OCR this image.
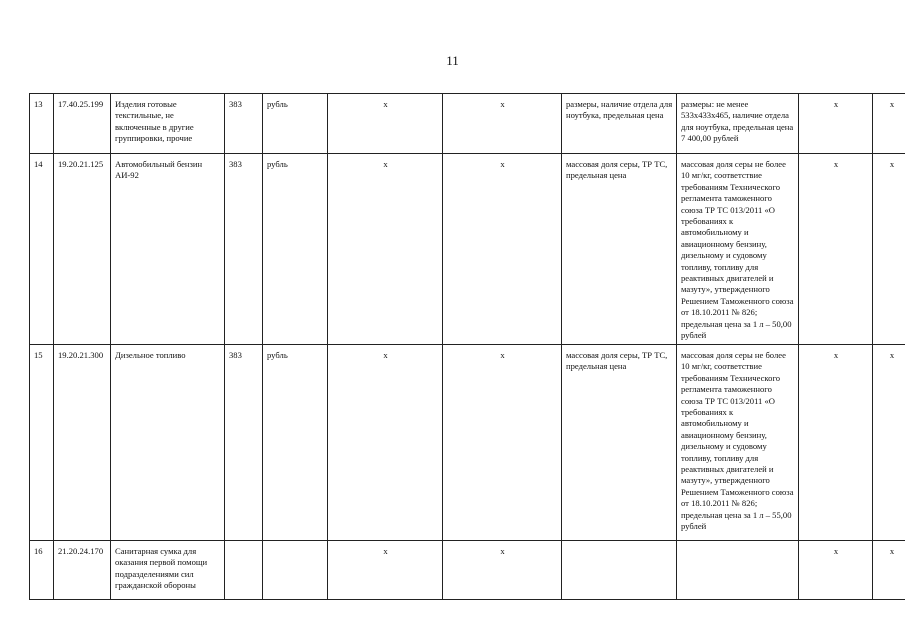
11
13	17.40.25.199	Изделия готовые текстильные, не включенные в другие группировки, прочие	383	рубль	x	x	размеры, наличие отдела для ноутбука, предельная цена	размеры: не менее 533x433x465, наличие отдела для ноутбука, предельная цена 7 400,00 рублей	x	x
14	19.20.21.125	Автомобильный бензин АИ-92	383	рубль	x	x	массовая доля серы, ТР ТС, предельная цена	массовая доля серы не более 10 мг/кг, соответствие требованиям Технического регламента таможенного союза ТР ТС 013/2011 «О требованиях к автомобильному и авиационному бензину, дизельному и судовому топливу, топливу для реактивных двигателей и мазуту», утвержденного Решением Таможенного союза от 18.10.2011 № 826; предельная цена за 1 л – 50,00 рублей	x	x
15	19.20.21.300	Дизельное топливо	383	рубль	x	x	массовая доля серы, ТР ТС, предельная цена	массовая доля серы не более 10 мг/кг, соответствие требованиям Технического регламента таможенного союза ТР ТС 013/2011 «О требованиях к автомобильному и авиационному бензину, дизельному и судовому топливу, топливу для реактивных двигателей и мазуту», утвержденного Решением Таможенного союза от 18.10.2011 № 826; предельная цена за 1 л – 55,00 рублей	x	x
16	21.20.24.170	Санитарная сумка для оказания первой помощи подразделениями сил гражданской обороны			x	x			x	x
